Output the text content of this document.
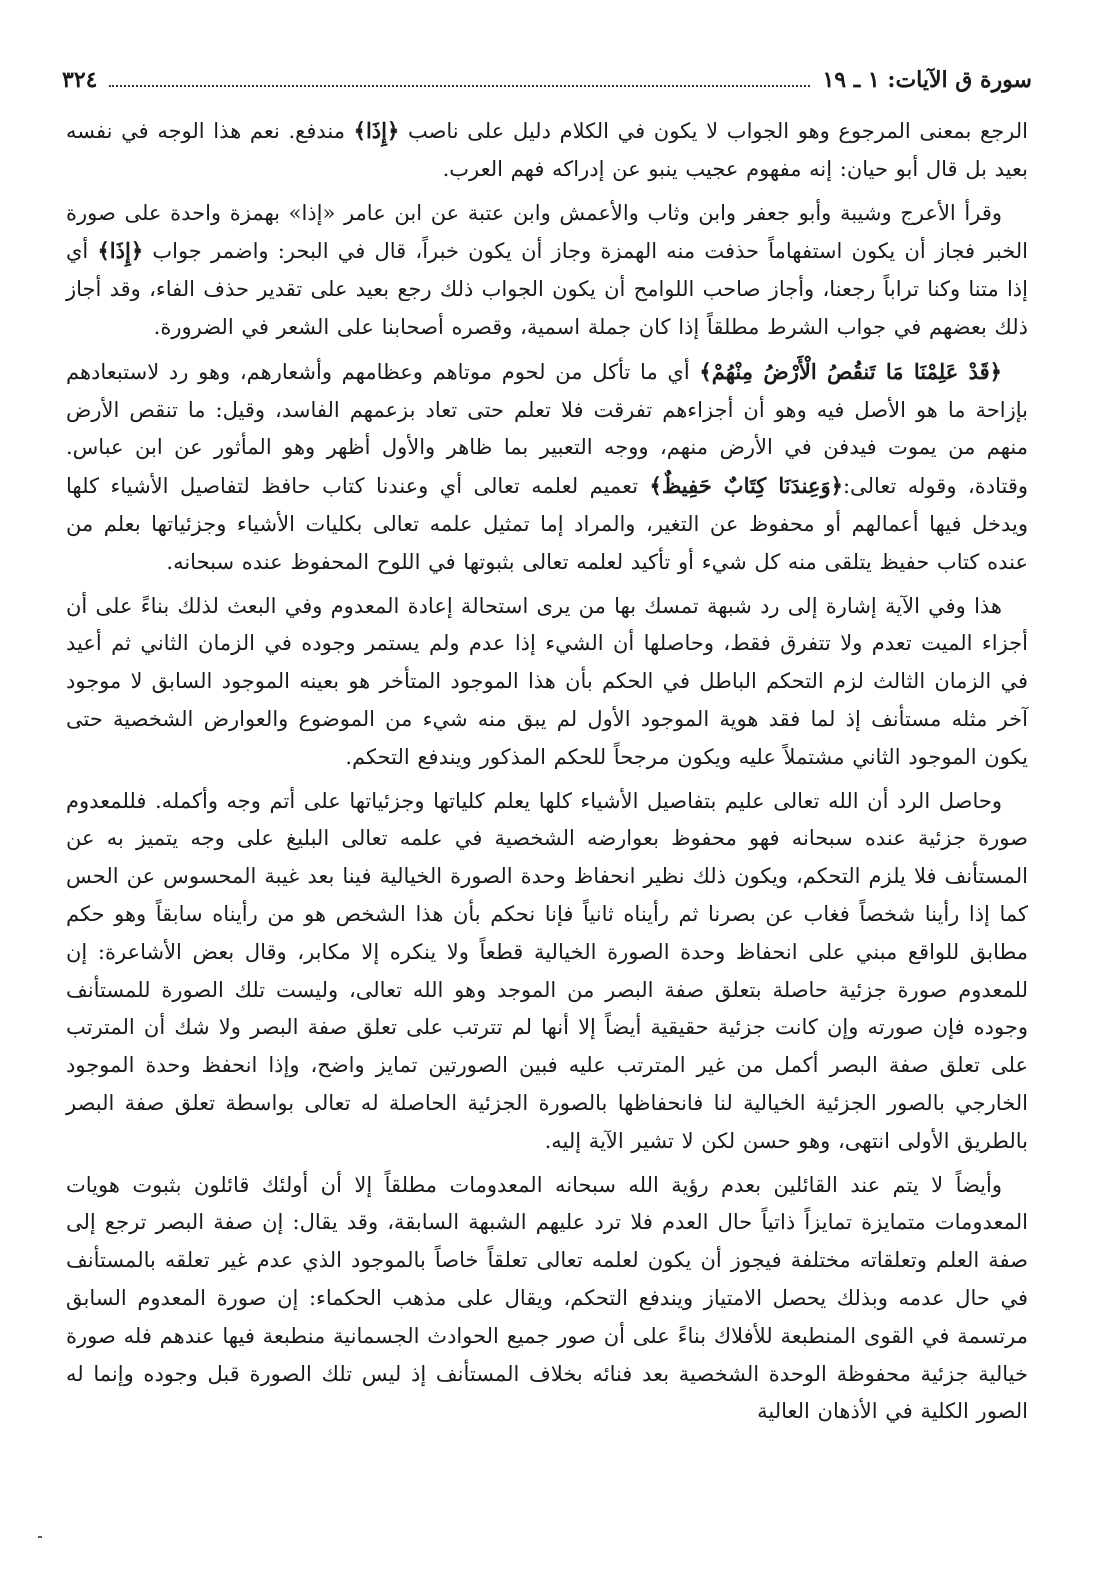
٣٢٤	سورة ق الآيات: ١ ـ ١٩

الرجع بمعنى المرجوع وهو الجواب لا يكون في الكلام دليل على ناصب ﴿إِذَا﴾ مندفع. نعم هذا الوجه في نفسه بعيد بل قال أبو حيان: إنه مفهوم عجيب ينبو عن إدراكه فهم العرب.

وقرأ الأعرج وشيبة وأبو جعفر وابن وثاب والأعمش وابن عتبة عن ابن عامر «إذا» بهمزة واحدة على صورة الخبر فجاز أن يكون استفهاماً حذفت منه الهمزة وجاز أن يكون خبراً، قال في البحر: واضمر جواب ﴿إِذَا﴾ أي إذا متنا وكنا تراباً رجعنا، وأجاز صاحب اللوامح أن يكون الجواب ذلك رجع بعيد على تقدير حذف الفاء، وقد أجاز ذلك بعضهم في جواب الشرط مطلقاً إذا كان جملة اسمية، وقصره أصحابنا على الشعر في الضرورة.

﴿قَدْ عَلِمْنَا مَا تَنقُصُ الْأَرْضُ مِنْهُمْ﴾ أي ما تأكل من لحوم موتاهم وعظامهم وأشعارهم، وهو رد لاستبعادهم بإزاحة ما هو الأصل فيه وهو أن أجزاءهم تفرقت فلا تعلم حتى تعاد بزعمهم الفاسد، وقيل: ما تنقص الأرض منهم من يموت فيدفن في الأرض منهم، ووجه التعبير بما ظاهر والأول أظهر وهو المأثور عن ابن عباس. وقتادة، وقوله تعالى:﴿وَعِندَنَا كِتَابٌ حَفِيظٌ﴾ تعميم لعلمه تعالى أي وعندنا كتاب حافظ لتفاصيل الأشياء كلها ويدخل فيها أعمالهم أو محفوظ عن التغير، والمراد إما تمثيل علمه تعالى بكليات الأشياء وجزئياتها بعلم من عنده كتاب حفيظ يتلقى منه كل شيء أو تأكيد لعلمه تعالى بثبوتها في اللوح المحفوظ عنده سبحانه.

هذا وفي الآية إشارة إلى رد شبهة تمسك بها من يرى استحالة إعادة المعدوم وفي البعث لذلك بناءً على أن أجزاء الميت تعدم ولا تتفرق فقط، وحاصلها أن الشيء إذا عدم ولم يستمر وجوده في الزمان الثاني ثم أعيد في الزمان الثالث لزم التحكم الباطل في الحكم بأن هذا الموجود المتأخر هو بعينه الموجود السابق لا موجود آخر مثله مستأنف إذ لما فقد هوية الموجود الأول لم يبق منه شيء من الموضوع والعوارض الشخصية حتى يكون الموجود الثاني مشتملاً عليه ويكون مرجحاً للحكم المذكور ويندفع التحكم.

وحاصل الرد أن الله تعالى عليم بتفاصيل الأشياء كلها يعلم كلياتها وجزئياتها على أتم وجه وأكمله. فللمعدوم صورة جزئية عنده سبحانه فهو محفوظ بعوارضه الشخصية في علمه تعالى البليغ على وجه يتميز به عن المستأنف فلا يلزم التحكم، ويكون ذلك نظير انحفاظ وحدة الصورة الخيالية فينا بعد غيبة المحسوس عن الحس كما إذا رأينا شخصاً فغاب عن بصرنا ثم رأيناه ثانياً فإنا نحكم بأن هذا الشخص هو من رأيناه سابقاً وهو حكم مطابق للواقع مبني على انحفاظ وحدة الصورة الخيالية قطعاً ولا ينكره إلا مكابر، وقال بعض الأشاعرة: إن للمعدوم صورة جزئية حاصلة بتعلق صفة البصر من الموجد وهو الله تعالى، وليست تلك الصورة للمستأنف وجوده فإن صورته وإن كانت جزئية حقيقية أيضاً إلا أنها لم تترتب على تعلق صفة البصر ولا شك أن المترتب على تعلق صفة البصر أكمل من غير المترتب عليه فبين الصورتين تمايز واضح، وإذا انحفظ وحدة الموجود الخارجي بالصور الجزئية الخيالية لنا فانحفاظها بالصورة الجزئية الحاصلة له تعالى بواسطة تعلق صفة البصر بالطريق الأولى انتهى، وهو حسن لكن لا تشير الآية إليه.

وأيضاً لا يتم عند القائلين بعدم رؤية الله سبحانه المعدومات مطلقاً إلا أن أولئك قائلون بثبوت هويات المعدومات متمايزة تمايزاً ذاتياً حال العدم فلا ترد عليهم الشبهة السابقة، وقد يقال: إن صفة البصر ترجع إلى صفة العلم وتعلقاته مختلفة فيجوز أن يكون لعلمه تعالى تعلقاً خاصاً بالموجود الذي عدم غير تعلقه بالمستأنف في حال عدمه وبذلك يحصل الامتياز ويندفع التحكم، ويقال على مذهب الحكماء: إن صورة المعدوم السابق مرتسمة في القوى المنطبعة للأفلاك بناءً على أن صور جميع الحوادث الجسمانية منطبعة فيها عندهم فله صورة خيالية جزئية محفوظة الوحدة الشخصية بعد فنائه بخلاف المستأنف إذ ليس تلك الصورة قبل وجوده وإنما له الصور الكلية في الأذهان العالية
